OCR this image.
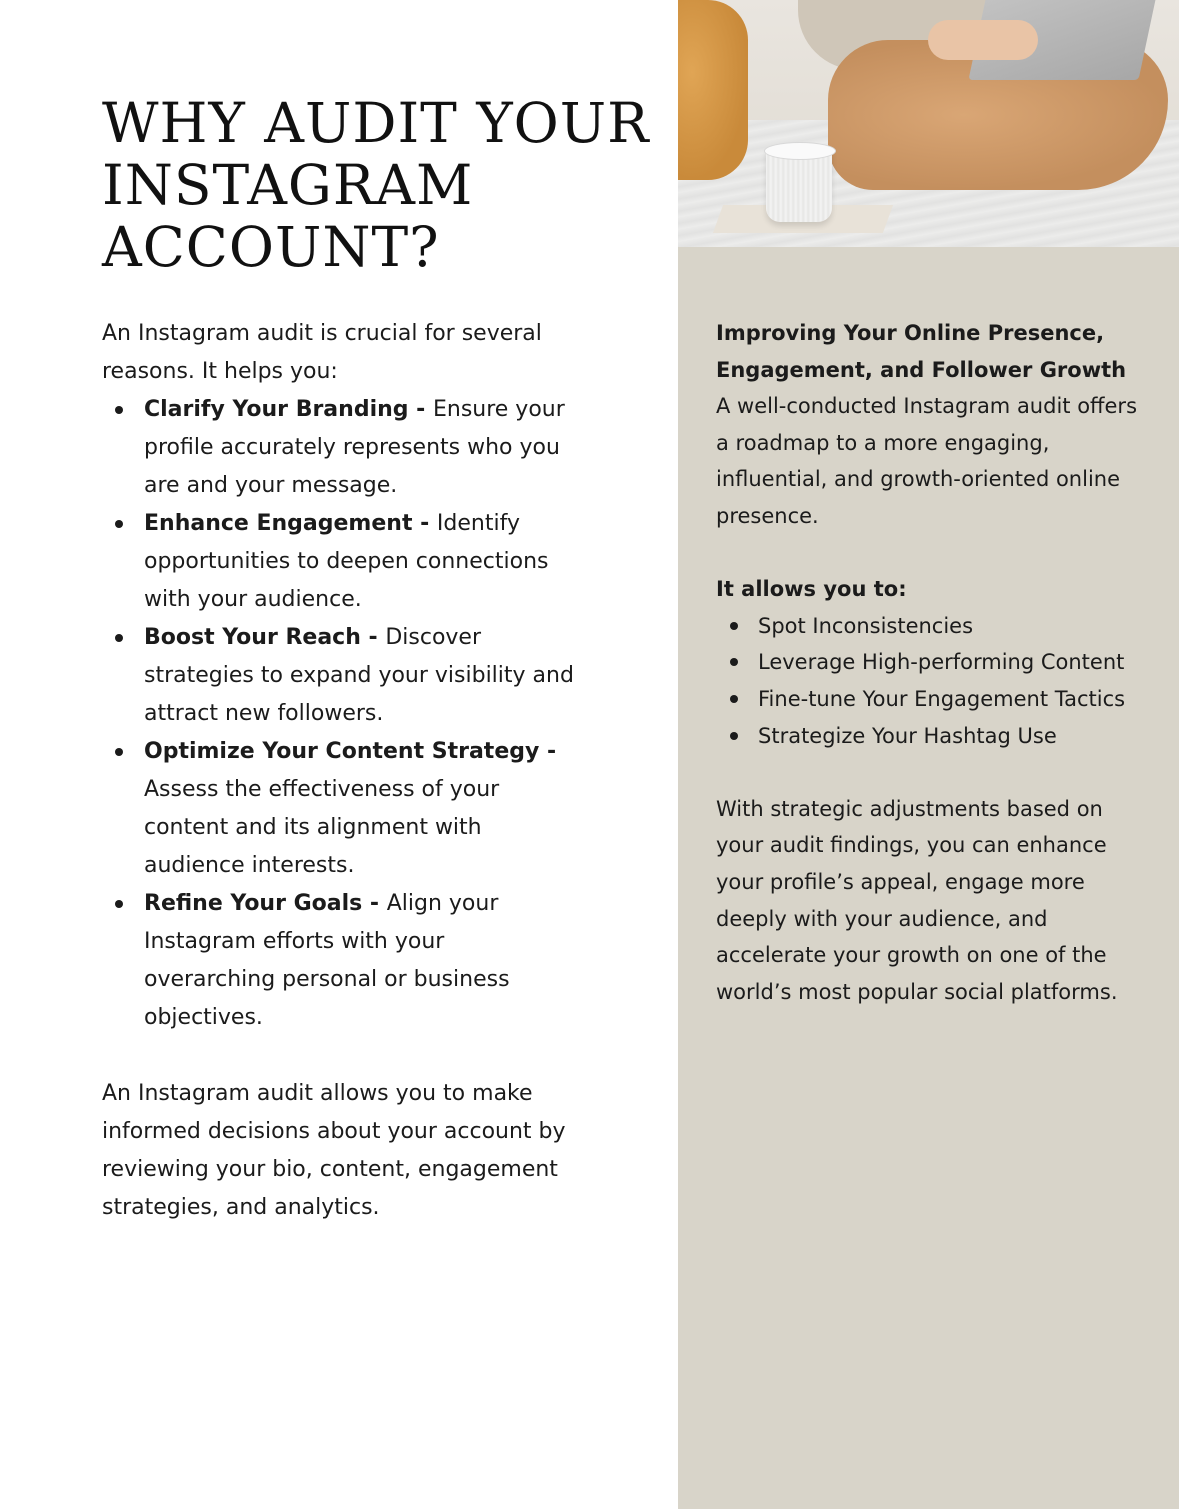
WHY AUDIT YOUR
INSTAGRAM
ACCOUNT?

An Instagram audit is crucial for several reasons. It helps you:

Clarify Your Branding - Ensure your profile accurately represents who you are and your message.
Enhance Engagement - Identify opportunities to deepen connections with your audience.
Boost Your Reach - Discover strategies to expand your visibility and attract new followers.
Optimize Your Content Strategy - Assess the effectiveness of your content and its alignment with audience interests.
Refine Your Goals - Align your Instagram efforts with your overarching personal or business objectives.

An Instagram audit allows you to make informed decisions about your account by reviewing your bio, content, engagement strategies, and analytics.

Improving Your Online Presence, Engagement, and Follower Growth

A well-conducted Instagram audit offers a roadmap to a more engaging, influential, and growth-oriented online presence.

It allows you to:

Spot Inconsistencies
Leverage High-performing Content
Fine-tune Your Engagement Tactics
Strategize Your Hashtag Use

With strategic adjustments based on your audit findings, you can enhance your profile’s appeal, engage more deeply with your audience, and accelerate your growth on one of the world’s most popular social platforms.
